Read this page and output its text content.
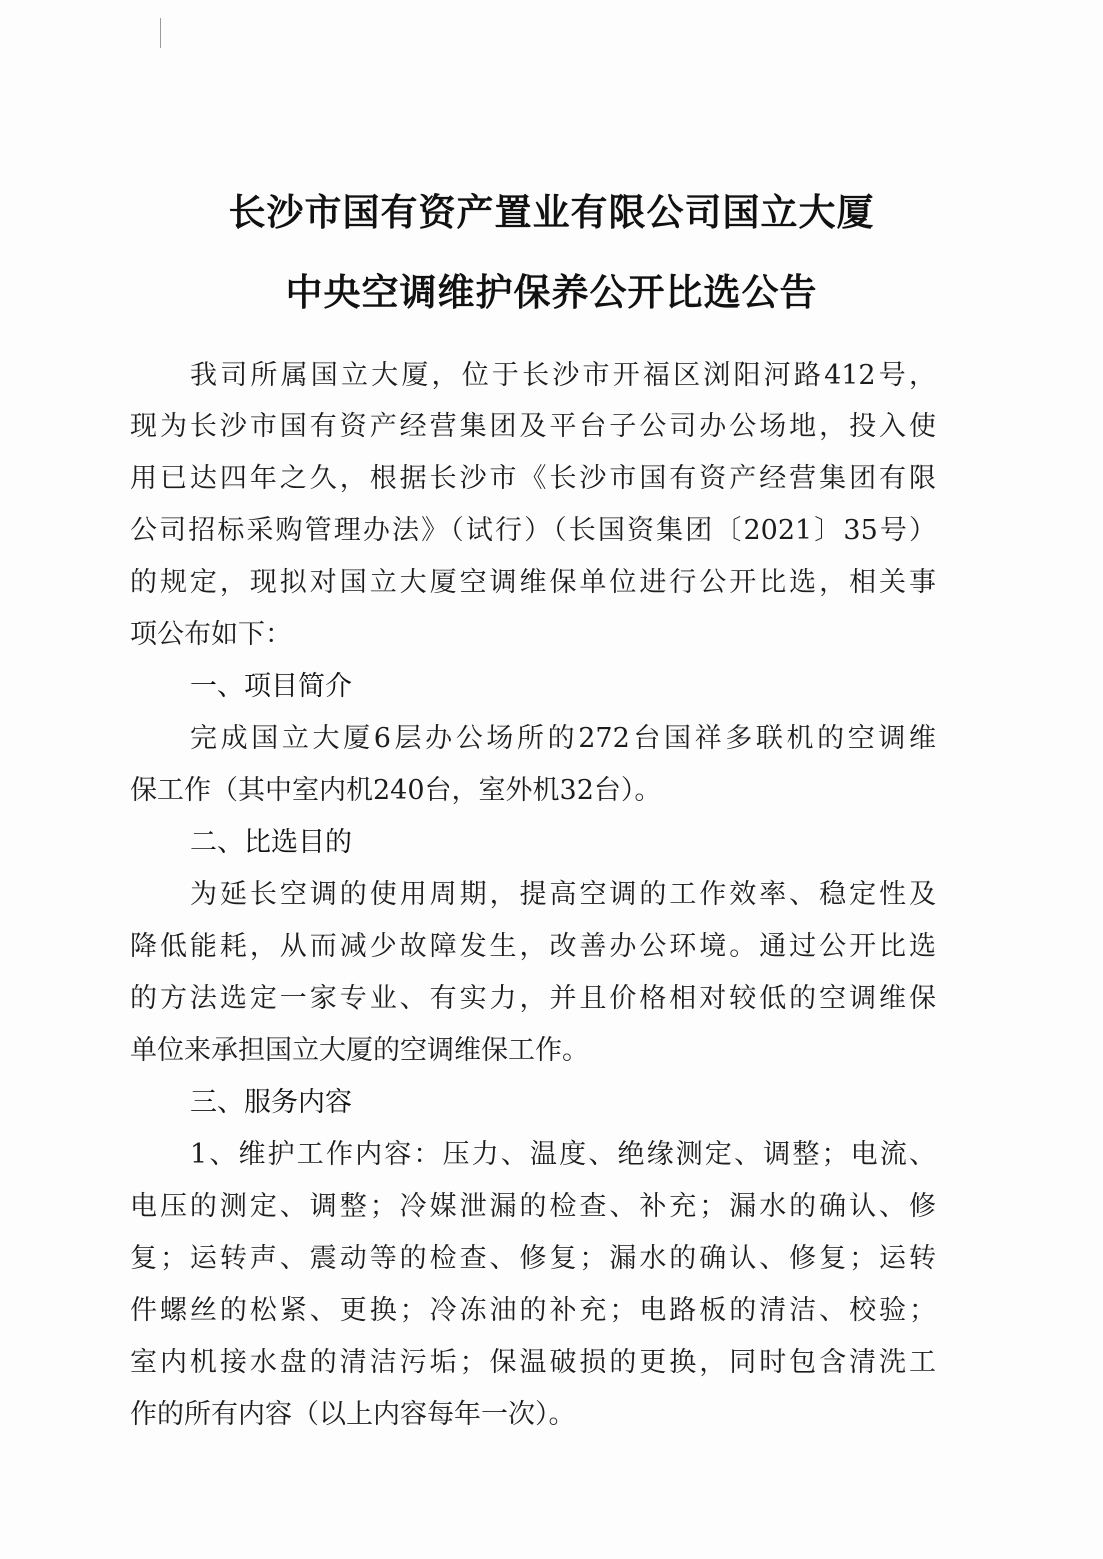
长沙市国有资产置业有限公司国立大厦
中央空调维护保养公开比选公告
我司所属国立大厦，位于长沙市开福区浏阳河路412号，
现为长沙市国有资产经营集团及平台子公司办公场地，投入使
用已达四年之久，根据长沙市《长沙市国有资产经营集团有限
公司招标采购管理办法》（试行）（长国资集团〔2021〕35号）
的规定，现拟对国立大厦空调维保单位进行公开比选，相关事
项公布如下：
一、项目简介
完成国立大厦6层办公场所的272台国祥多联机的空调维
保工作（其中室内机240台，室外机32台）。
二、比选目的
为延长空调的使用周期，提高空调的工作效率、稳定性及
降低能耗，从而减少故障发生，改善办公环境。通过公开比选
的方法选定一家专业、有实力，并且价格相对较低的空调维保
单位来承担国立大厦的空调维保工作。
三、服务内容
1、维护工作内容：压力、温度、绝缘测定、调整；电流、
电压的测定、调整；冷媒泄漏的检查、补充；漏水的确认、修
复；运转声、震动等的检查、修复；漏水的确认、修复；运转
件螺丝的松紧、更换；冷冻油的补充；电路板的清洁、校验；
室内机接水盘的清洁污垢；保温破损的更换，同时包含清洗工
作的所有内容（以上内容每年一次）。
